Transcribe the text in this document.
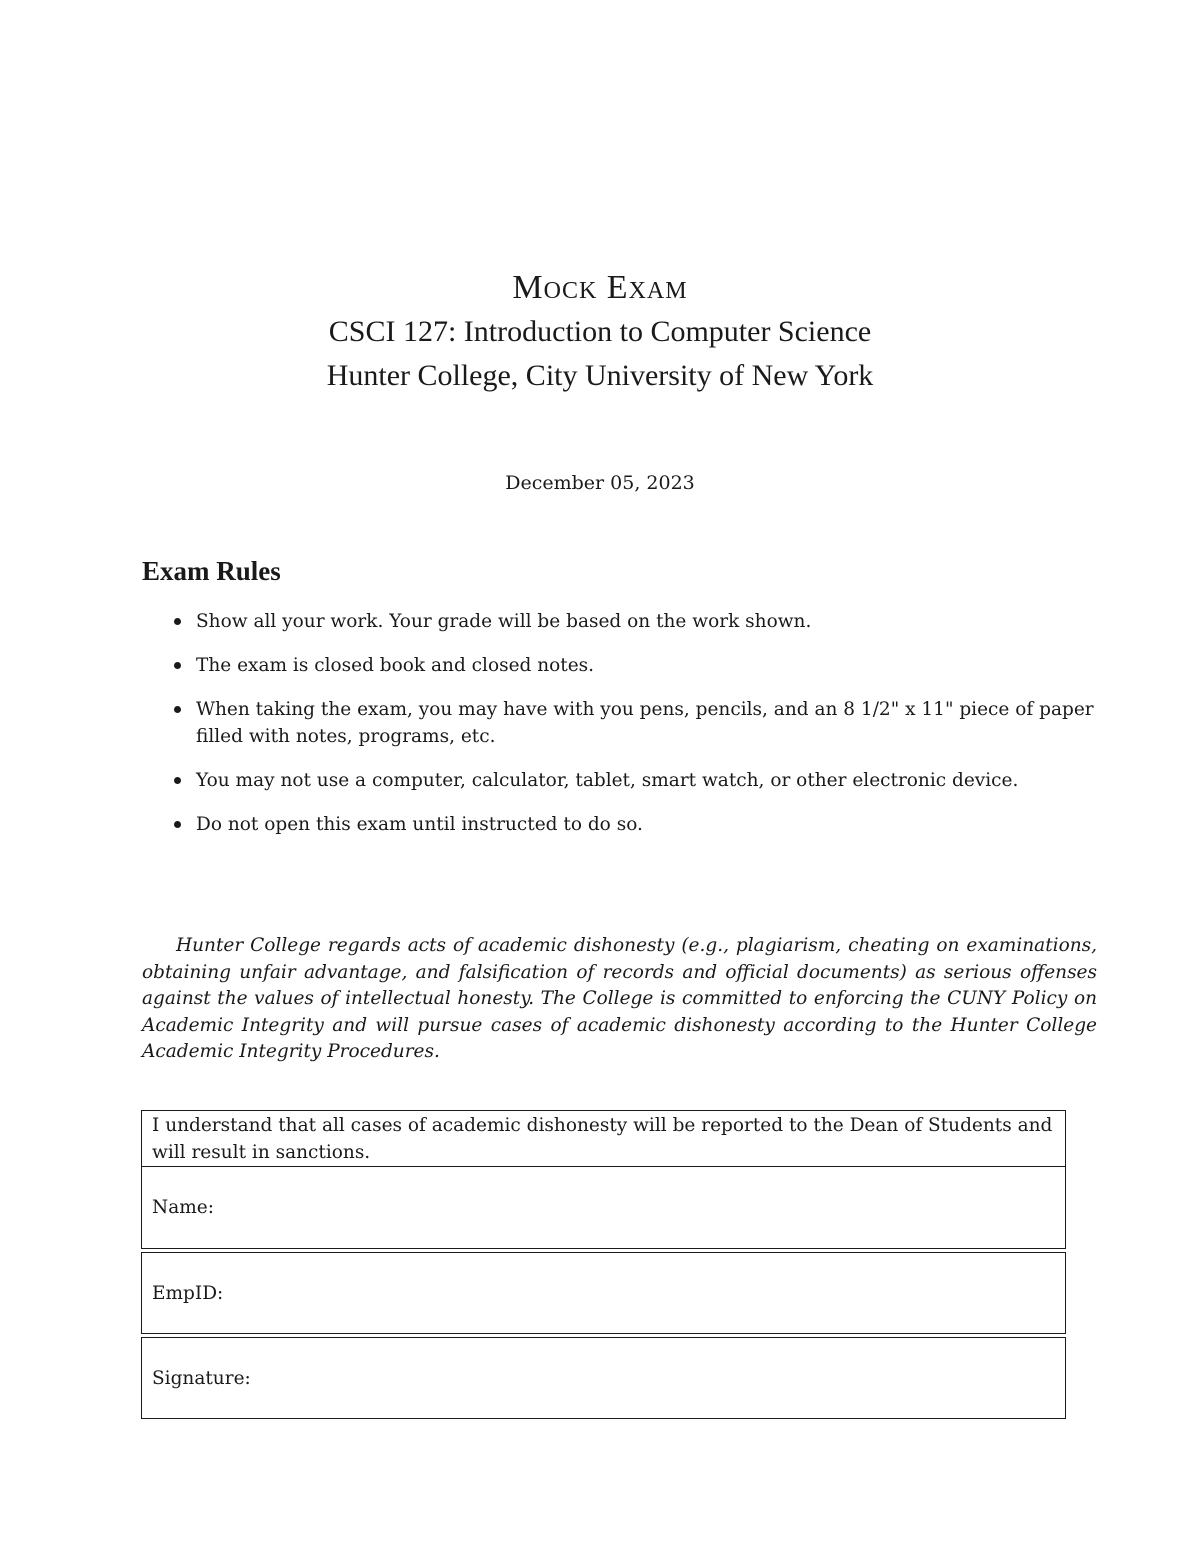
Mock Exam
CSCI 127: Introduction to Computer Science
Hunter College, City University of New York
December 05, 2023
Exam Rules
Show all your work. Your grade will be based on the work shown.
The exam is closed book and closed notes.
When taking the exam, you may have with you pens, pencils, and an 8 1/2" x 11" piece of paper filled with notes, programs, etc.
You may not use a computer, calculator, tablet, smart watch, or other electronic device.
Do not open this exam until instructed to do so.

Hunter College regards acts of academic dishonesty (e.g., plagiarism, cheating on examinations, obtaining unfair advantage, and falsification of records and official documents) as serious offenses against the values of intellectual honesty. The College is committed to enforcing the CUNY Policy on Academic Integrity and will pursue cases of academic dishonesty according to the Hunter College Academic Integrity Procedures.

I understand that all cases of academic dishonesty will be reported to the Dean of Students and will result in sanctions.
Name:
EmpID:
Signature:
